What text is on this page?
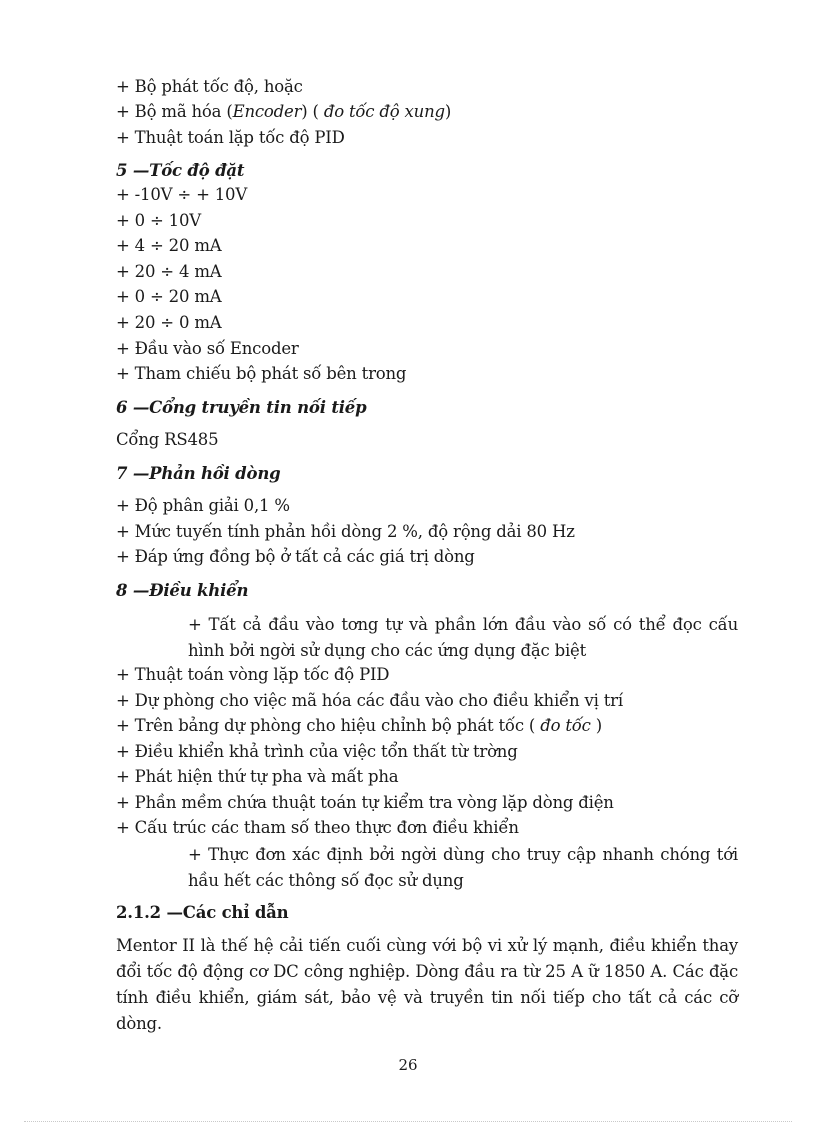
+ Bộ phát tốc độ, hoặc
+ Bộ mã hóa (Encoder) ( đo tốc độ xung)
+ Thuật toán lặp tốc độ PID
5 —Tốc độ đặt
+ -10V ÷ + 10V
+ 0 ÷ 10V
+ 4 ÷ 20 mA
+ 20 ÷ 4 mA
+ 0 ÷ 20 mA
+ 20 ÷ 0 mA
+ Đầu vào số Encoder
+ Tham chiếu bộ phát số bên trong
6 —Cổng truyền tin nối tiếp
Cổng RS485
7 —Phản hồi dòng
+ Độ phân giải 0,1 %
+ Mức tuyến tính phản hồi dòng 2 %, độ rộng dải 80 Hz
+ Đáp ứng đồng bộ ở tất cả các giá trị dòng
8 —Điều khiển
+ Tất cả đầu vào tơng tự và phần lớn đầu vào số có thể đọc cấu hình bởi ngời sử dụng cho các ứng dụng đặc biệt
+ Thuật toán vòng lặp tốc độ PID
+ Dự phòng cho việc mã hóa các đầu vào cho điều khiển vị trí
+ Trên bảng dự phòng cho hiệu chỉnh bộ phát tốc ( đo tốc )
+ Điều khiển khả trình của việc tổn thất từ trờng
+ Phát hiện thứ tự pha và mất pha
+ Phần mềm chứa thuật toán tự kiểm tra vòng lặp dòng điện
+ Cấu trúc các tham số theo thực đơn điều khiển
+ Thực đơn xác định bởi ngời dùng cho truy cập nhanh chóng tới hầu hết các thông số đọc sử dụng
2.1.2 —Các chỉ dẫn
Mentor II là thế hệ cải tiến cuối cùng với bộ vi xử lý mạnh, điều khiển thay đổi tốc độ động cơ DC công nghiệp. Dòng đầu ra từ 25 A ữ 1850 A. Các đặc tính điều khiển, giám sát, bảo vệ và truyền tin nối tiếp cho tất cả các cỡ dòng.
26
